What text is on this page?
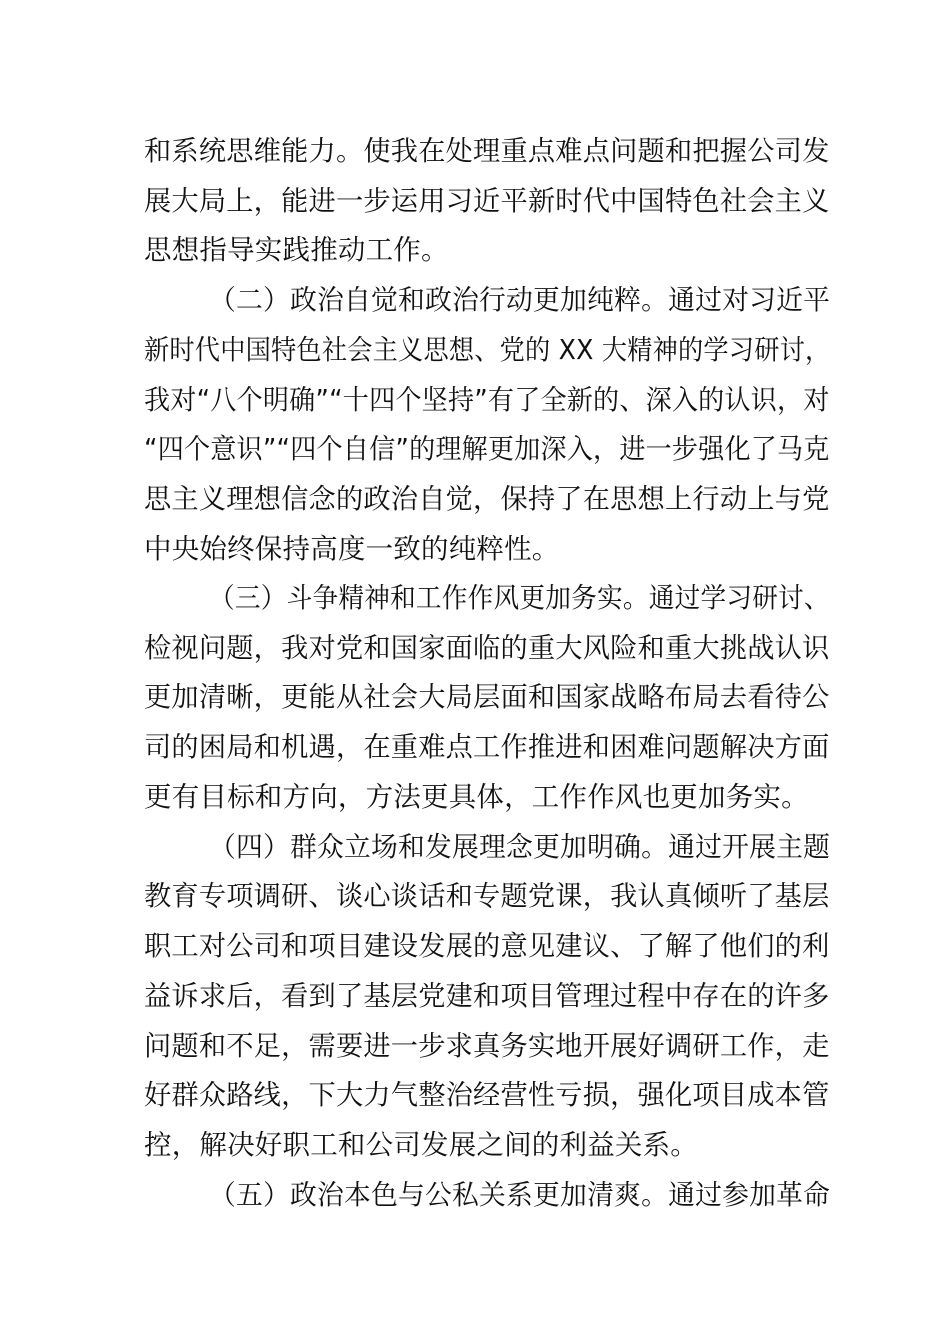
和系统思维能力。使我在处理重点难点问题和把握公司发
展大局上，能进一步运用习近平新时代中国特色社会主义
思想指导实践推动工作。
（二）政治自觉和政治行动更加纯粹。通过对习近平
新时代中国特色社会主义思想、党的 XX 大精神的学习研讨，
我对“八个明确”“十四个坚持”有了全新的、深入的认识，对
“四个意识”“四个自信”的理解更加深入，进一步强化了马克
思主义理想信念的政治自觉，保持了在思想上行动上与党
中央始终保持高度一致的纯粹性。
（三）斗争精神和工作作风更加务实。通过学习研讨、
检视问题，我对党和国家面临的重大风险和重大挑战认识
更加清晰，更能从社会大局层面和国家战略布局去看待公
司的困局和机遇，在重难点工作推进和困难问题解决方面
更有目标和方向，方法更具体，工作作风也更加务实。
（四）群众立场和发展理念更加明确。通过开展主题
教育专项调研、谈心谈话和专题党课，我认真倾听了基层
职工对公司和项目建设发展的意见建议、了解了他们的利
益诉求后，看到了基层党建和项目管理过程中存在的许多
问题和不足，需要进一步求真务实地开展好调研工作，走
好群众路线，下大力气整治经营性亏损，强化项目成本管
控，解决好职工和公司发展之间的利益关系。
（五）政治本色与公私关系更加清爽。通过参加革命
